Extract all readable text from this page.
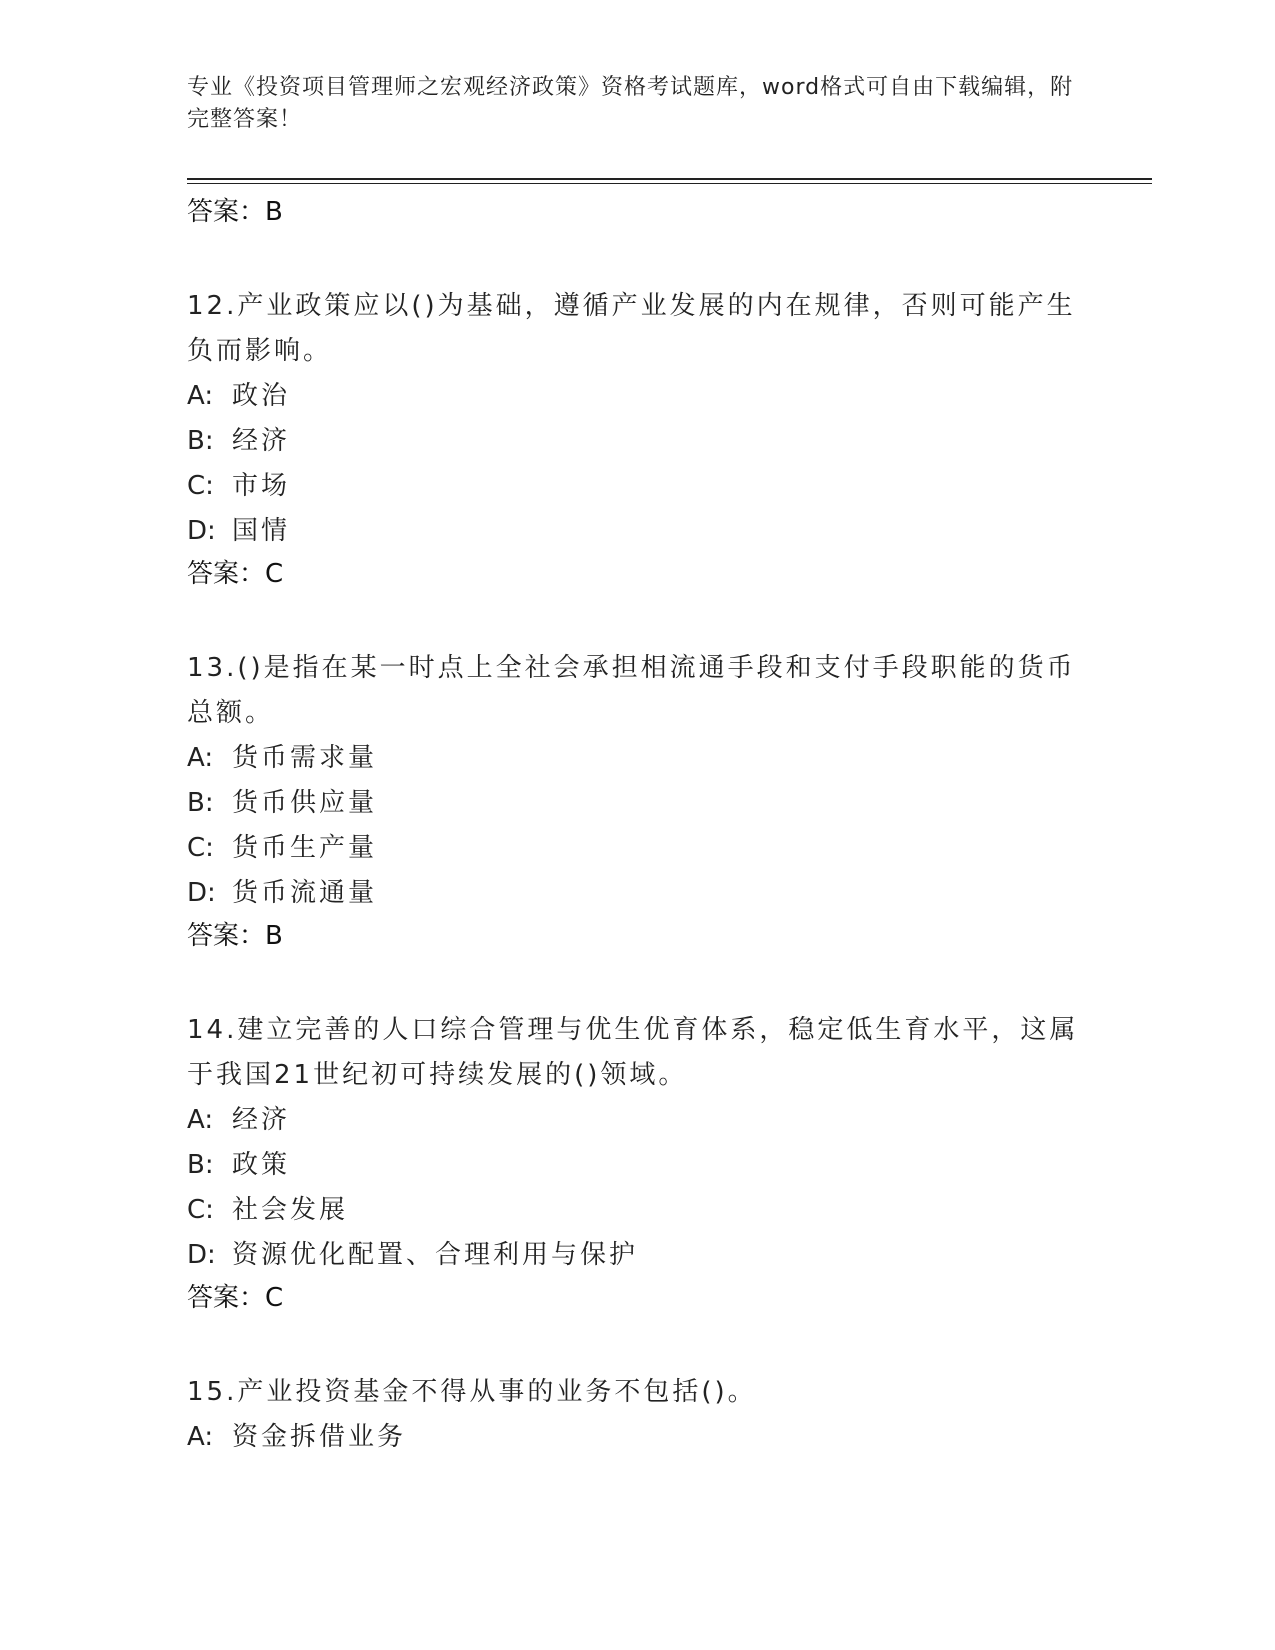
专业《投资项目管理师之宏观经济政策》资格考试题库，word格式可自由下载编辑，附完整答案！
答案：B
12.产业政策应以()为基础，遵循产业发展的内在规律，否则可能产生负而影响。
A: 政治
B: 经济
C: 市场
D: 国情
答案：C
13.()是指在某一时点上全社会承担相流通手段和支付手段职能的货币总额。
A: 货币需求量
B: 货币供应量
C: 货币生产量
D: 货币流通量
答案：B
14.建立完善的人口综合管理与优生优育体系，稳定低生育水平，这属于我国21世纪初可持续发展的()领域。
A: 经济
B: 政策
C: 社会发展
D: 资源优化配置、合理利用与保护
答案：C
15.产业投资基金不得从事的业务不包括()。
A: 资金拆借业务
